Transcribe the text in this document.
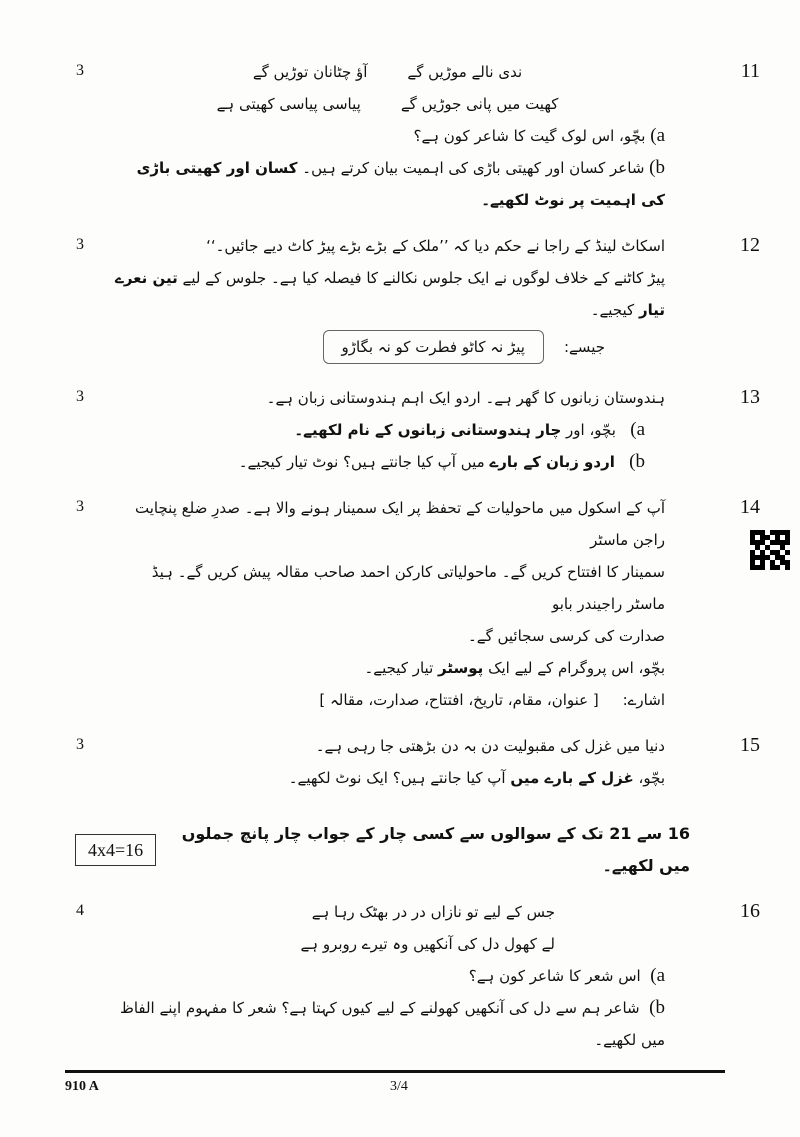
11
3	آؤ چٹانان توڑیں گے	ندی نالے موڑیں گے
پیاسی پیاسی کھیتی ہے	کھیت میں پانی جوڑیں گے
a) بچّو، اس لوک گیت کا شاعر کون ہے؟
b) شاعر کسان اور کھیتی باڑی کی اہمیت بیان کرتے ہیں۔ کسان اور کھیتی باڑی کی اہمیت پر نوٹ لکھیے۔
12
3	اسکاٹ لینڈ کے راجا نے حکم دیا کہ ’’ملک کے بڑے بڑے پیڑ کاٹ دیے جائیں۔‘‘
پیڑ کاٹنے کے خلاف لوگوں نے ایک جلوس نکالنے کا فیصلہ کیا ہے۔ جلوس کے لیے تین نعرے تیار کیجیے۔
جیسے:
پیڑ نہ کاٹو فطرت کو نہ بگاڑو
13
3	ہندوستان زبانوں کا گھر ہے۔ اردو ایک اہم ہندوستانی زبان ہے۔
a)   بچّو، اور چار ہندوستانی زبانوں کے نام لکھیے۔
b)   اردو زبان کے بارے میں آپ کیا جانتے ہیں؟ نوٹ تیار کیجیے۔
14
3	آپ کے اسکول میں ماحولیات کے تحفظ پر ایک سمینار ہونے والا ہے۔ صدرِ ضلع پنچایت راجن ماسٹر
سمینار کا افتتاح کریں گے۔ ماحولیاتی کارکن احمد صاحب مقالہ پیش کریں گے۔ ہیڈ ماسٹر راجیندر بابو
صدارت کی کرسی سجائیں گے۔
بچّو، اس پروگرام کے لیے ایک پوسٹر تیار کیجیے۔
اشارے:     [ عنوان، مقام، تاریخ، افتتاح، صدارت، مقالہ ]
15
3	دنیا میں غزل کی مقبولیت دن بہ دن بڑھتی جا رہی ہے۔
بچّو، غزل کے بارے میں آپ کیا جانتے ہیں؟ ایک نوٹ لکھیے۔
4x4=16
16 سے 21 تک کے سوالوں سے کسی چار کے جواب چار پانچ جملوں میں لکھیے۔
16
4	جس کے لیے تو نازاں در در بھٹک رہا ہے
لے کھول دل کی آنکھیں وہ تیرے روبرو ہے
a)  اس شعر کا شاعر کون ہے؟
b)  شاعر ہم سے دل کی آنکھیں کھولنے کے لیے کیوں کہتا ہے؟ شعر کا مفہوم اپنے الفاظ میں لکھیے۔
910 A	3/4
